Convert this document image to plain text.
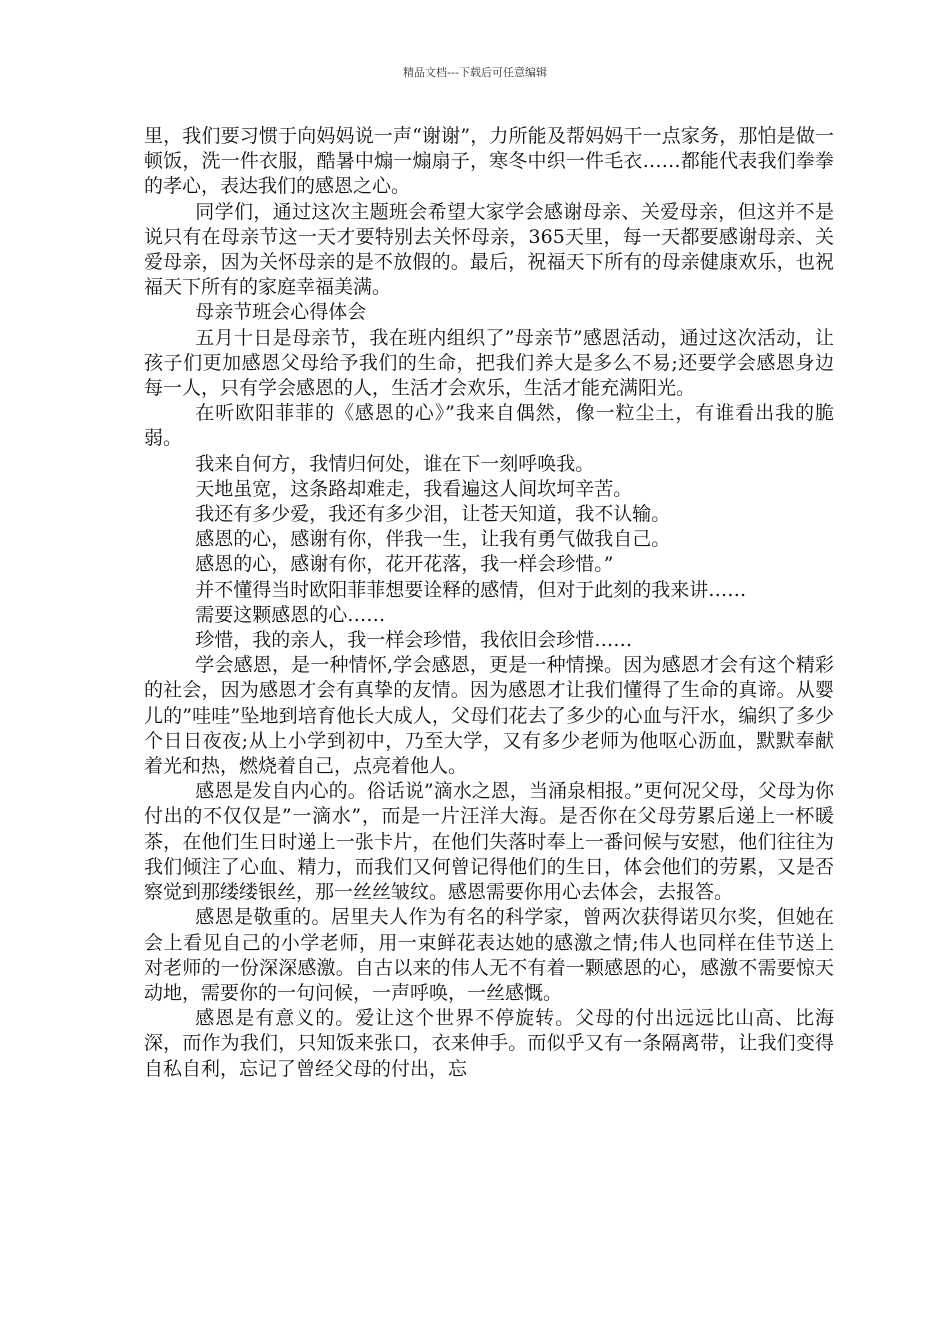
精品文档---下载后可任意编辑

里，我们要习惯于向妈妈说一声“谢谢”，力所能及帮妈妈干一点家务，那怕是做一顿饭，洗一件衣服，酷暑中煽一煽扇子，寒冬中织一件毛衣……都能代表我们拳拳的孝心，表达我们的感恩之心。

同学们，通过这次主题班会希望大家学会感谢母亲、关爱母亲，但这并不是说只有在母亲节这一天才要特别去关怀母亲，365天里，每一天都要感谢母亲、关爱母亲，因为关怀母亲的是不放假的。最后，祝福天下所有的母亲健康欢乐，也祝福天下所有的家庭幸福美满。

母亲节班会心得体会

五月十日是母亲节，我在班内组织了”母亲节”感恩活动，通过这次活动，让孩子们更加感恩父母给予我们的生命，把我们养大是多么不易;还要学会感恩身边每一人，只有学会感恩的人，生活才会欢乐，生活才能充满阳光。

在听欧阳菲菲的《感恩的心》”我来自偶然，像一粒尘土，有谁看出我的脆弱。

我来自何方，我情归何处，谁在下一刻呼唤我。

天地虽宽，这条路却难走，我看遍这人间坎坷辛苦。

我还有多少爱，我还有多少泪，让苍天知道，我不认输。

感恩的心，感谢有你，伴我一生，让我有勇气做我自己。

感恩的心，感谢有你，花开花落，我一样会珍惜。”

并不懂得当时欧阳菲菲想要诠释的感情，但对于此刻的我来讲……

需要这颗感恩的心……

珍惜，我的亲人，我一样会珍惜，我依旧会珍惜……

学会感恩，是一种情怀,学会感恩，更是一种情操。因为感恩才会有这个精彩的社会，因为感恩才会有真挚的友情。因为感恩才让我们懂得了生命的真谛。从婴儿的”哇哇”坠地到培育他长大成人，父母们花去了多少的心血与汗水，编织了多少个日日夜夜;从上小学到初中，乃至大学，又有多少老师为他呕心沥血，默默奉献着光和热，燃烧着自己，点亮着他人。

感恩是发自内心的。俗话说”滴水之恩，当涌泉相报。”更何况父母，父母为你付出的不仅仅是”一滴水”，而是一片汪洋大海。是否你在父母劳累后递上一杯暖茶，在他们生日时递上一张卡片，在他们失落时奉上一番问候与安慰，他们往往为我们倾注了心血、精力，而我们又何曾记得他们的生日，体会他们的劳累，又是否察觉到那缕缕银丝，那一丝丝皱纹。感恩需要你用心去体会，去报答。

感恩是敬重的。居里夫人作为有名的科学家，曾两次获得诺贝尔奖，但她在会上看见自己的小学老师，用一束鲜花表达她的感激之情;伟人也同样在佳节送上对老师的一份深深感激。自古以来的伟人无不有着一颗感恩的心，感激不需要惊天动地，需要你的一句问候，一声呼唤，一丝感慨。

感恩是有意义的。爱让这个世界不停旋转。父母的付出远远比山高、比海深，而作为我们，只知饭来张口，衣来伸手。而似乎又有一条隔离带，让我们变得自私自利，忘记了曾经父母的付出，忘
